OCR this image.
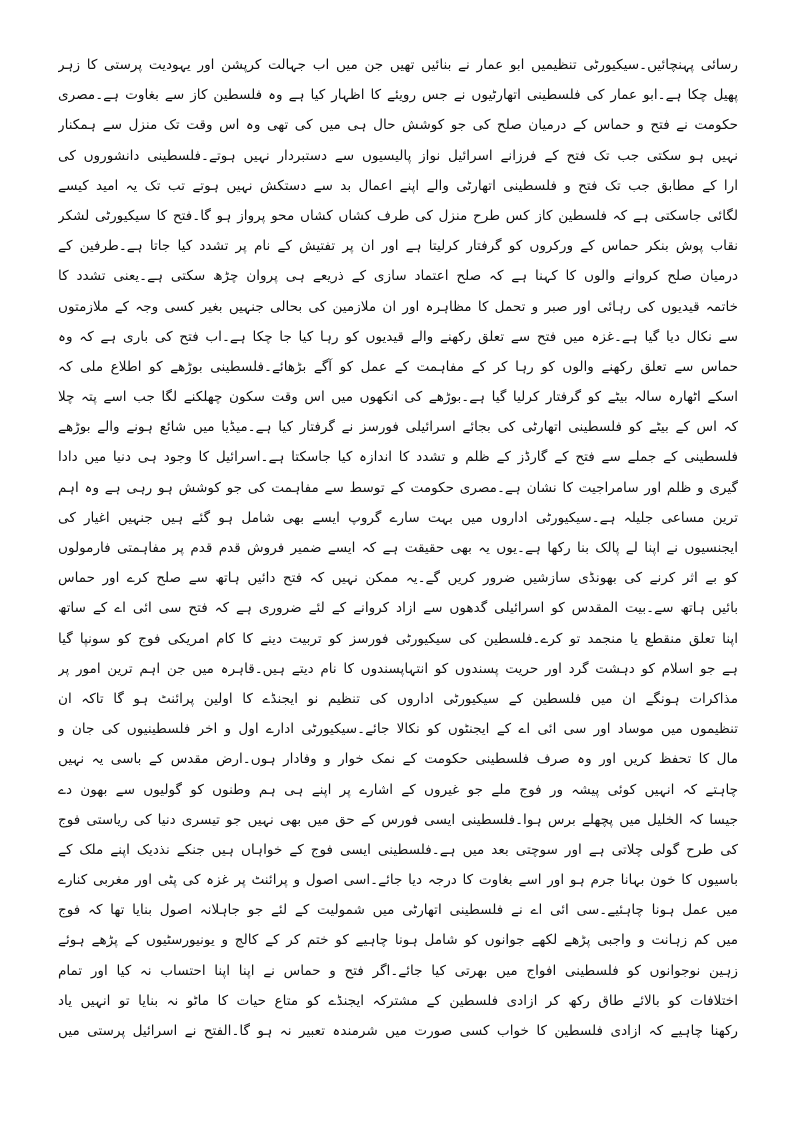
رسائی پہنچائیں۔سیکیورٹی تنظیمیں ابو عمار نے بنائیں تھیں جن میں اب جہالت کرپشن اور یہودیت پرستی کا زہر
پھیل چکا ہے۔ابو عمار کی فلسطینی اتھارٹیوں نے جس رویئے کا اظہار کیا ہے وہ فلسطین کاز سے بغاوت ہے۔مصری
حکومت نے فتح و حماس کے درمیان صلح کی جو کوشش حال ہی میں کی تھی وہ اس وقت تک منزل سے ہمکنار
نہیں ہو سکتی جب تک فتح کے فرزانے اسرائیل نواز پالیسیوں سے دستبردار نہیں ہوتے۔فلسطینی دانشوروں کی
ارا کے مطابق جب تک فتح و فلسطینی اتھارٹی والے اپنے اعمال بد سے دستکش نہیں ہوتے تب تک یہ امید کیسے
لگائی جاسکتی ہے کہ فلسطین کاز کس طرح منزل کی طرف کشاں کشاں محو پرواز ہو گا۔فتح کا سیکیورٹی لشکر
نقاب پوش بنکر حماس کے ورکروں کو گرفتار کرلیتا ہے اور ان پر تفتیش کے نام پر تشدد کیا جاتا ہے۔طرفین کے
درمیان صلح کروانے والوں کا کہنا ہے کہ صلح اعتماد سازی کے ذریعے ہی پروان چڑھ سکتی ہے۔یعنی تشدد کا
خاتمہ قیدیوں کی رہائی اور صبر و تحمل کا مظاہرہ اور ان ملازمین کی بحالی جنہیں بغیر کسی وجہ کے ملازمتوں
سے نکال دیا گیا ہے۔غزہ میں فتح سے تعلق رکھنے والے قیدیوں کو رہا کیا جا چکا ہے۔اب فتح کی باری ہے کہ وہ
حماس سے تعلق رکھنے والوں کو رہا کر کے مفاہمت کے عمل کو آگے بڑھائے۔فلسطینی بوڑھے کو اطلاع ملی کہ
اسکے اٹھارہ سالہ بیٹے کو گرفتار کرلیا گیا ہے۔بوڑھے کی انکھوں میں اس وقت سکون چھلکنے لگا جب اسے پتہ چلا
کہ اس کے بیٹے کو فلسطینی اتھارٹی کی بجائے اسرائیلی فورسز نے گرفتار کیا ہے۔میڈیا میں شائع ہونے والے بوڑھے
فلسطینی کے جملے سے فتح کے گارڈز کے ظلم و تشدد کا اندازہ کیا جاسکتا ہے۔اسرائیل کا وجود ہی دنیا میں دادا
گیری و ظلم اور سامراجیت کا نشان ہے۔مصری حکومت کے توسط سے مفاہمت کی جو کوشش ہو رہی ہے وہ اہم
ترین مساعی جلیلہ ہے۔سیکیورٹی اداروں میں بہت سارے گروپ ایسے بھی شامل ہو گئے ہیں جنہیں اغیار کی
ایجنسیوں نے اپنا لے پالک بنا رکھا ہے۔یوں یہ بھی حقیقت ہے کہ ایسے ضمیر فروش قدم قدم پر مفاہمتی فارمولوں
کو بے اثر کرنے کی بھونڈی سازشیں ضرور کریں گے۔یہ ممکن نہیں کہ فتح دائیں ہاتھ سے صلح کرے اور حماس
بائیں ہاتھ سے۔بیت المقدس کو اسرائیلی گدھوں سے ازاد کروانے کے لئے ضروری ہے کہ فتح سی ائی اے کے ساتھ
اپنا تعلق منقطع یا منجمد تو کرے۔فلسطین کی سیکیورٹی فورسز کو تربیت دینے کا کام امریکی فوج کو سونپا گیا
ہے جو اسلام کو دہشت گرد اور حریت پسندوں کو انتہاپسندوں کا نام دیتے ہیں۔قاہرہ میں جن اہم ترین امور پر
مذاکرات ہونگے ان میں فلسطین کے سیکیورٹی اداروں کی تنظیم نو ایجنڈے کا اولین پرائنٹ ہو گا تاکہ ان
تنظیموں میں موساد اور سی ائی اے کے ایجنٹوں کو نکالا جائے۔سیکیورٹی ادارے اول و اخر فلسطینیوں کی جان و
مال کا تحفظ کریں اور وہ صرف فلسطینی حکومت کے نمک خوار و وفادار ہوں۔ارض مقدس کے باسی یہ نہیں
چاہتے کہ انہیں کوئی پیشہ ور فوج ملے جو غیروں کے اشارے پر اپنے ہی ہم وطنوں کو گولیوں سے بھون دے
جیسا کہ الخلیل میں پچھلے برس ہوا۔فلسطینی ایسی فورس کے حق میں بھی نہیں جو تیسری دنیا کی ریاستی فوج
کی طرح گولی چلاتی ہے اور سوچتی بعد میں ہے۔فلسطینی ایسی فوج کے خواہاں ہیں جنکے نذدیک اپنے ملک کے
باسیوں کا خون بہانا جرم ہو اور اسے بغاوت کا درجہ دیا جائے۔اسی اصول و پرائنٹ پر غزہ کی پٹی اور مغربی کنارے
میں عمل ہونا چاہئیے۔سی ائی اے نے فلسطینی اتھارٹی میں شمولیت کے لئے جو جاہلانہ اصول بنایا تھا کہ فوج
میں کم زہانت و واجبی پڑھے لکھے جوانوں کو شامل ہونا چاہیے کو ختم کر کے کالج و یونیورسٹیوں کے پڑھے ہوئے
زہین نوجوانوں کو فلسطینی افواج میں بھرتی کیا جائے۔اگر فتح و حماس نے اپنا اپنا احتساب نہ کیا اور تمام
اختلافات کو بالائے طاق رکھ کر ازادی فلسطین کے مشترکہ ایجنڈے کو متاع حیات کا ماٹو نہ بنایا تو انہیں یاد
رکھنا چاہیے کہ ازادی فلسطین کا خواب کسی صورت میں شرمندہ تعبیر نہ ہو گا۔الفتح نے اسرائیل پرستی میں
